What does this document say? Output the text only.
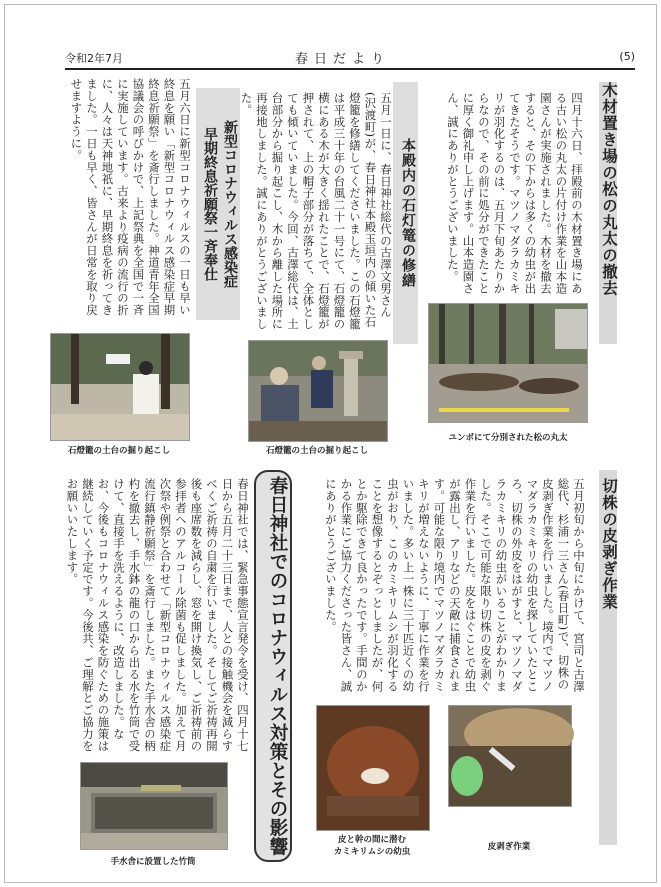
令和2年7月	春日だより	(5)
木材置き場の松の丸太の撤去
四月十六日、拝殿前の木材置き場にある古い松の丸太の片付け作業を山本造園さんが実施されました。木材を撤去すると、その下からは多くの幼虫が出てきたそうです。マツノマダラカミキリが羽化するのは、五月下旬あたりからなので、その前に処分ができたことに厚く御礼申し上げます。山本造園さん、誠にありがとうございました。
ユンボにて分別された松の丸太
本殿内の石灯篭の修繕
五月一日に、春日神社総代の古澤文男さん(沢渡町)が、春日神社本殿玉垣内の傾いた石燈籠を修繕してくださいました。この石燈籠は平成三十年の台風二十一号にて、石燈籠の横にある木が大きく揺れたことで、石燈籠が押されて、上の帽子部分が落ちて、全体としても傾いていました。今回、古澤総代は、土台部分から掘り起こし、木から離した場所に再接地しました。誠にありがとうございました。
石燈籠の土台の掘り起こし
新型コロナウィルス感染症
早期終息祈願祭一斉奉仕
五月六日に新型コロナウィルスの一日も早い終息を願い「新型コロナウィルス感染症早期終息祈願祭」を斎行しました。神道青年全国協議会の呼びかけで、上記祭典を全国で一斉に実施しています。古来より疫病の流行の折に、人々は天神地祇に、早期終息を祈ってきました。一日も早く、皆さんが日常を取り戻せますように。
石燈籠の土台の掘り起こし
切株の皮剥ぎ作業
五月初旬から中旬にかけて、宮司と古澤総代、杉浦一三さん(春日町)で、切株の皮剥ぎ作業を行いました。境内でマツノマダラカミキリの幼虫を探していたところ、切株の外皮をはがすと、マツノマダラカミキリの幼虫がいることがわかりました。そこで可能な限り切株の皮を剥ぐ作業を行いました。皮をはぐことで幼虫が露出し、アリなどの天敵に捕食されます。可能な限り境内でマツノマダラカミキリが増えないように、丁寧に作業を行いました。多い上一株に三十匹近くの幼虫がおり、このカミキリムシが羽化することを想像するとぞっとしましたが、何とか駆除できて良かったです。手間のかかる作業にご協力くださった皆さん、誠にありがとうございました。
皮剥ぎ作業
皮と幹の間に潜む
カミキリムシの幼虫
春日神社でのコロナウィルス対策とその影響
春日神社では、緊急事態宣言発令を受け、四月十七日から五月二十三日まで、人との接触機会を減らすべくご祈祷の自粛を行いました。そしてご祈祷再開後も座席数を減らし、窓を開け換気し、ご祈祷前の参拝者へのアルコール除菌も促しました。加えて月次祭や例祭と合わせて「新型コロナウィルス感染症流行鎮静祈願祭」を斎行しました。また手水舎の柄杓を撤去し、手水鉢の龍の口から出る水を竹筒で受けて、直接手を洗えるように、改造しました。なお、今後もコロナウィルス感染を防ぐための施策は継続していく予定です。今後共、ご理解とご協力をお願いいたします。
手水舎に設置した竹筒
